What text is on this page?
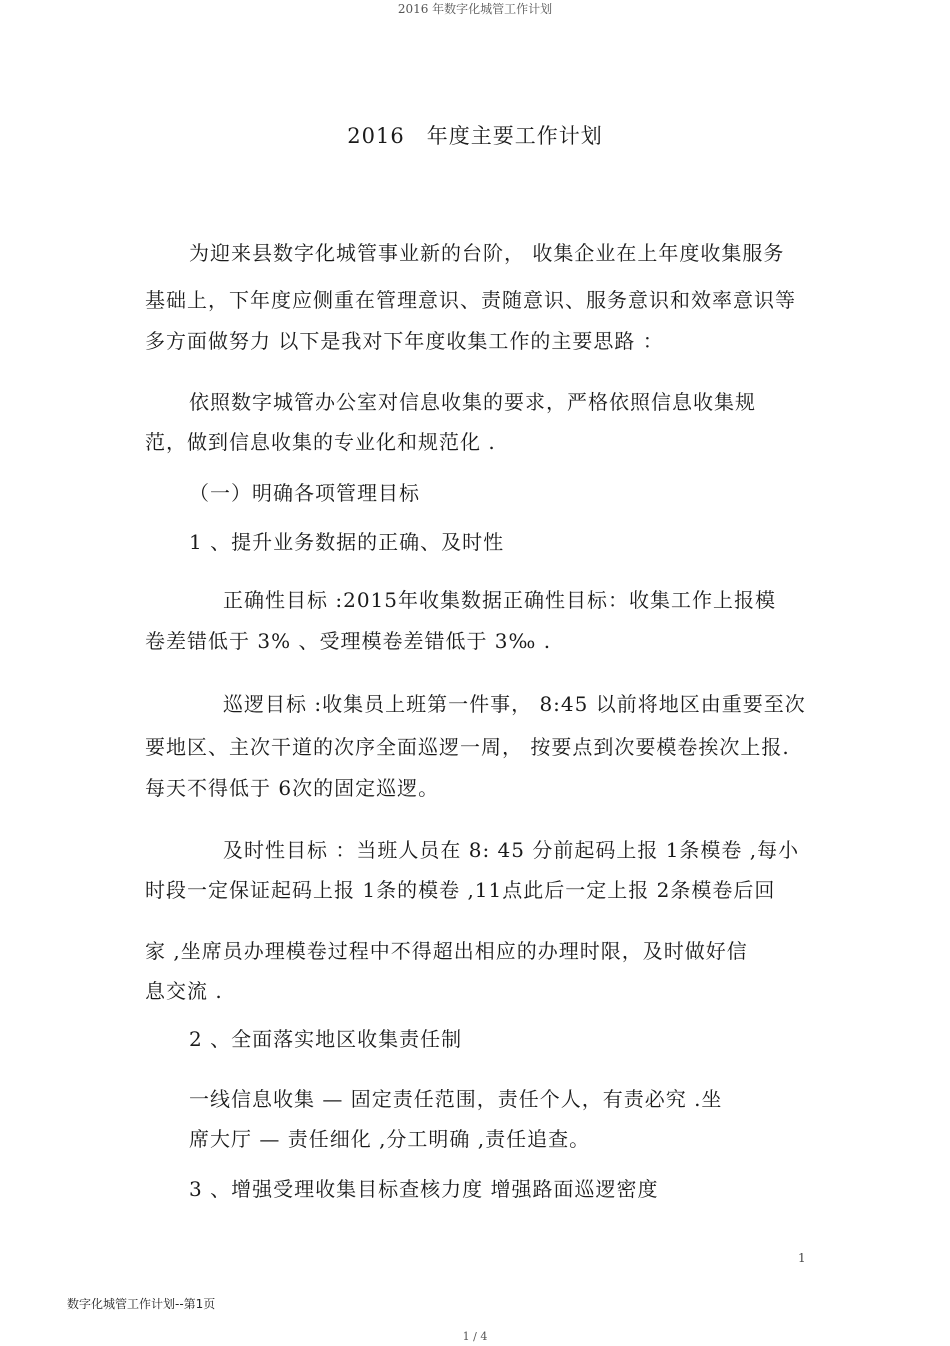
2016 年数字化城管工作计划
2016　年度主要工作计划
为迎来县数字化城管事业新的台阶， 收集企业在上年度收集服务
基础上，下年度应侧重在管理意识、责随意识、服务意识和效率意识等
多方面做努力 以下是我对下年度收集工作的主要思路 ：
依照数字城管办公室对信息收集的要求，严格依照信息收集规
范，做到信息收集的专业化和规范化 .
（一）明确各项管理目标
1 、提升业务数据的正确、及时性
正确性目标 :2015年收集数据正确性目标：收集工作上报模
卷差错低于 3% 、受理模卷差错低于 3‰ .
巡逻目标 :收集员上班第一件事， 8:45 以前将地区由重要至次
要地区、主次干道的次序全面巡逻一周， 按要点到次要模卷挨次上报.
每天不得低于 6次的固定巡逻。
及时性目标 ：当班人员在 8: 45 分前起码上报 1条模卷 ,每小
时段一定保证起码上报 1条的模卷 ,11点此后一定上报 2条模卷后回
家 ,坐席员办理模卷过程中不得超出相应的办理时限，及时做好信
息交流 .
2 、全面落实地区收集责任制
一线信息收集 — 固定责任范围，责任个人，有责必究 .坐
席大厅 — 责任细化 ,分工明确 ,责任追查。
3 、增强受理收集目标查核力度 增强路面巡逻密度
1
数字化城管工作计划--第1页
1 / 4
